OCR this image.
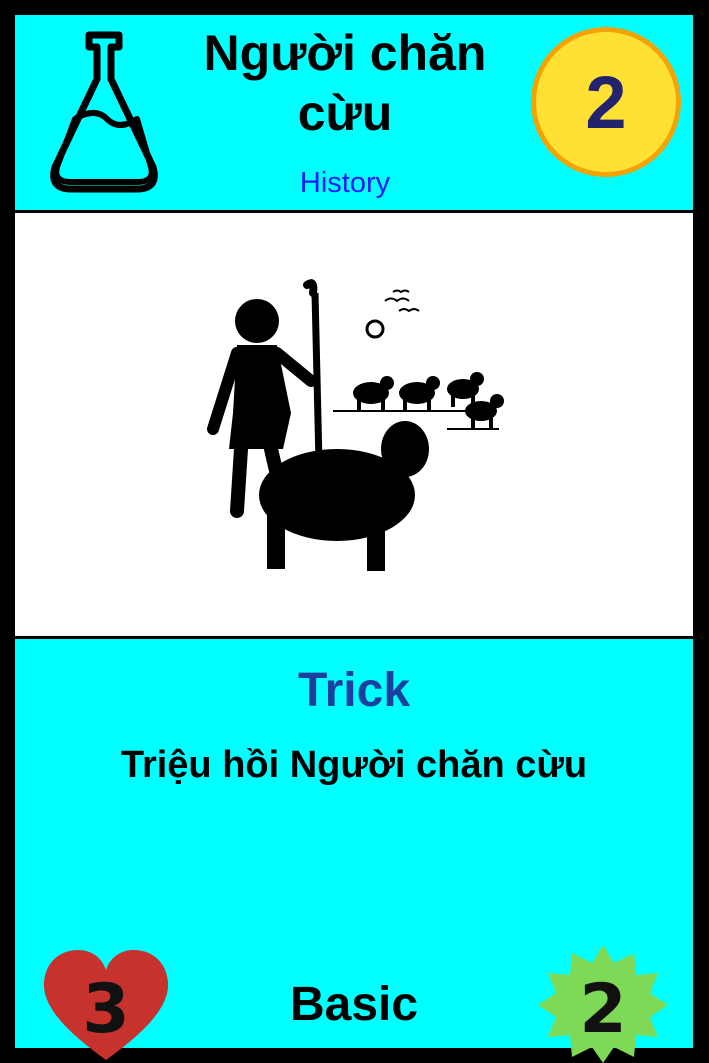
Người chăn cừu
History
2
Trick
Triệu hồi Người chăn cừu
Basic
3	2
